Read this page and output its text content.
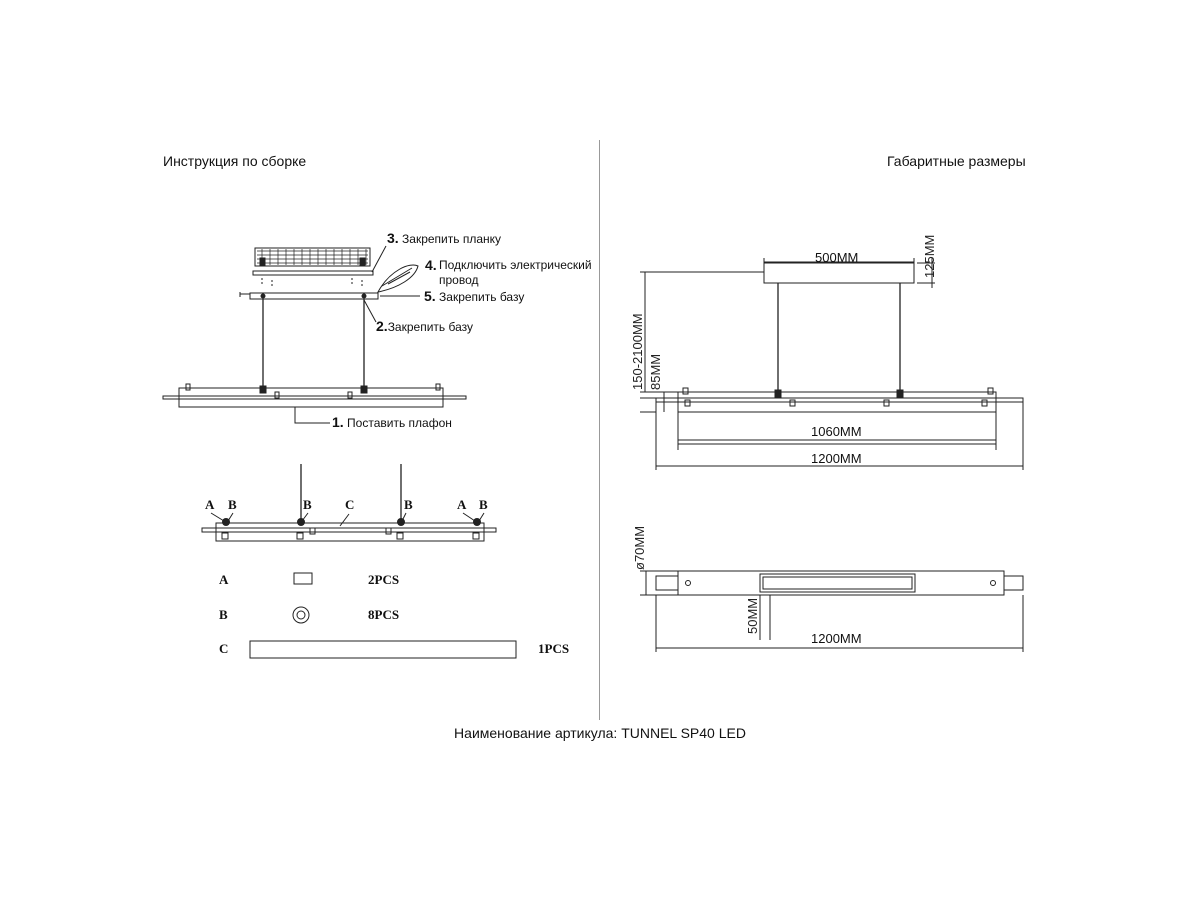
Инструкция по сборке	Габаритные размеры
3. Закрепить планку
4. Подключить электрический провод
5. Закрепить базу
2.Закрепить базу
1. Поставить плафон
A B	B	C	B	A B
A	2PCS
B	8PCS
C	1PCS
125MM
150-2100MM 85MM
ø70MM
50MM
500MM
1060MM
1200MM
1200MM
Наименование артикула: TUNNEL SP40 LED
